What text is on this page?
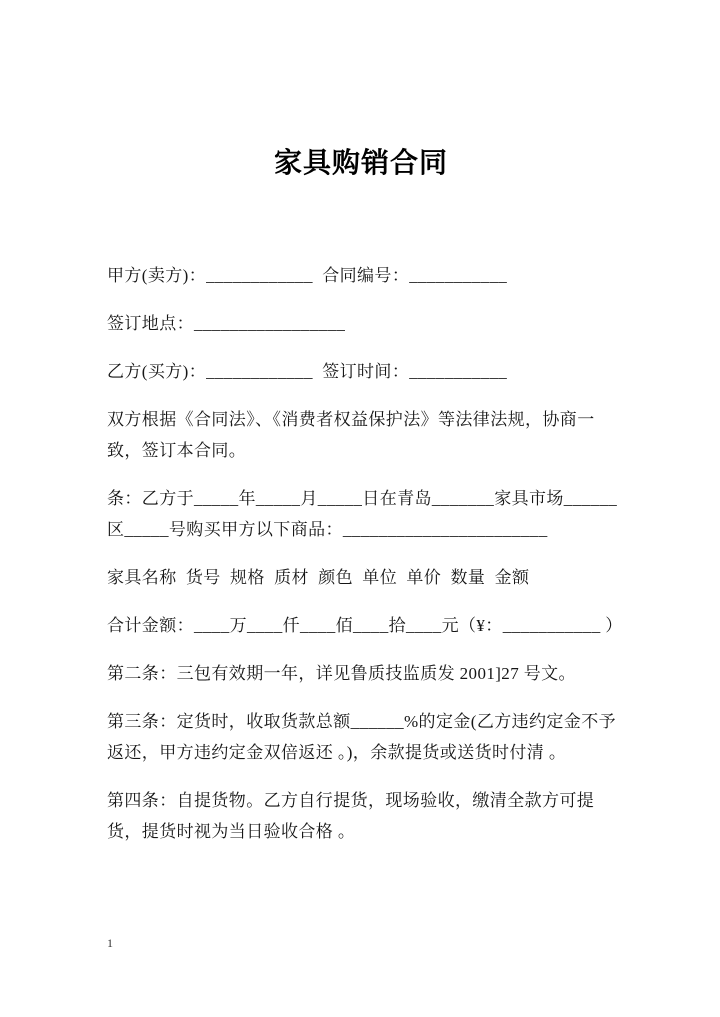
家具购销合同

甲方(卖方)：____________  合同编号：___________

签订地点：_________________

乙方(买方)：____________  签订时间：___________

双方根据《合同法》、《消费者权益保护法》等法律法规，协商一
致，签订本合同。

条：乙方于_____年_____月_____日在青岛_______家具市场______
区_____号购买甲方以下商品：_______________________

家具名称  货号  规格  质材  颜色  单位  单价  数量  金额

合计金额：____万____仟____佰____拾____元（¥：___________ ）

第二条：三包有效期一年，详见鲁质技监质发 2001]27 号文。

第三条：定货时，收取货款总额______%的定金(乙方违约定金不予
返还，甲方违约定金双倍返还 。)，余款提货或送货时付清 。

第四条：自提货物。乙方自行提货，现场验收，缴清全款方可提
货，提货时视为当日验收合格 。

1
